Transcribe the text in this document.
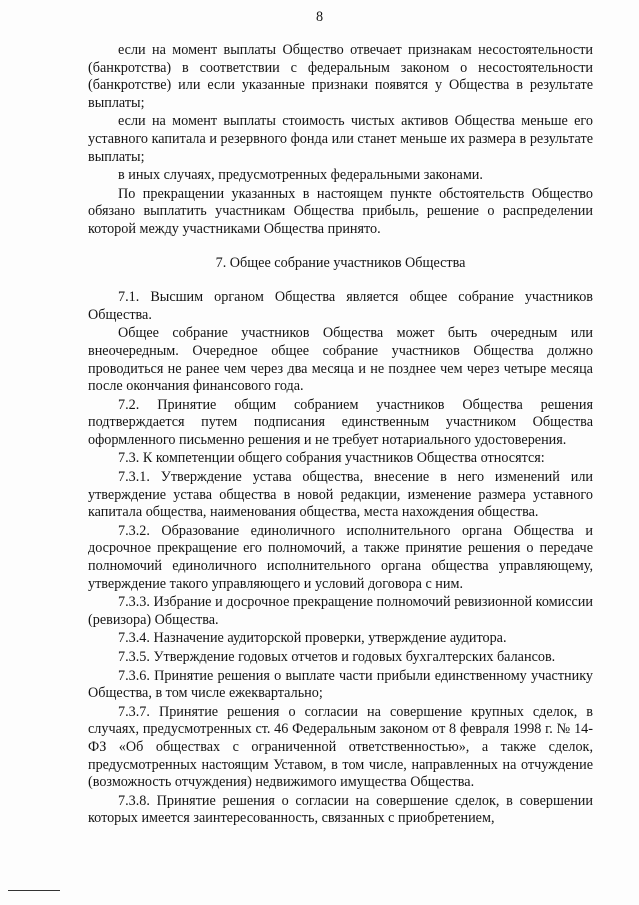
8

если на момент выплаты Общество отвечает признакам несостоятельности (банкротства) в соответствии с федеральным законом о несостоятельности (банкротстве) или если указанные признаки появятся у Общества в результате выплаты;

если на момент выплаты стоимость чистых активов Общества меньше его уставного капитала и резервного фонда или станет меньше их размера в результате выплаты;

в иных случаях, предусмотренных федеральными законами.

По прекращении указанных в настоящем пункте обстоятельств Общество обязано выплатить участникам Общества прибыль, решение о распределении которой между участниками Общества принято.

7. Общее собрание участников Общества

7.1. Высшим органом Общества является общее собрание участников Общества.

Общее собрание участников Общества может быть очередным или внеочередным. Очередное общее собрание участников Общества должно проводиться не ранее чем через два месяца и не позднее чем через четыре месяца после окончания финансового года.

7.2. Принятие общим собранием участников Общества решения подтверждается путем подписания единственным участником Общества оформленного письменно решения и не требует нотариального удостоверения.

7.3. К компетенции общего собрания участников Общества относятся:

7.3.1. Утверждение устава общества, внесение в него изменений или утверждение устава общества в новой редакции, изменение размера уставного капитала общества, наименования общества, места нахождения общества.

7.3.2. Образование единоличного исполнительного органа Общества и досрочное прекращение его полномочий, а также принятие решения о передаче полномочий единоличного исполнительного органа общества управляющему, утверждение такого управляющего и условий договора с ним.

7.3.3. Избрание и досрочное прекращение полномочий ревизионной комиссии (ревизора) Общества.

7.3.4. Назначение аудиторской проверки, утверждение аудитора.

7.3.5. Утверждение годовых отчетов и годовых бухгалтерских балансов.

7.3.6. Принятие решения о выплате части прибыли единственному участнику Общества, в том числе ежеквартально;

7.3.7. Принятие решения о согласии на совершение крупных сделок, в случаях, предусмотренных ст. 46 Федеральным законом от 8 февраля 1998 г. № 14-ФЗ «Об обществах с ограниченной ответственностью», а также сделок, предусмотренных настоящим Уставом, в том числе, направленных на отчуждение (возможность отчуждения) недвижимого имущества Общества.

7.3.8. Принятие решения о согласии на совершение сделок, в совершении которых имеется заинтересованность, связанных с приобретением,
